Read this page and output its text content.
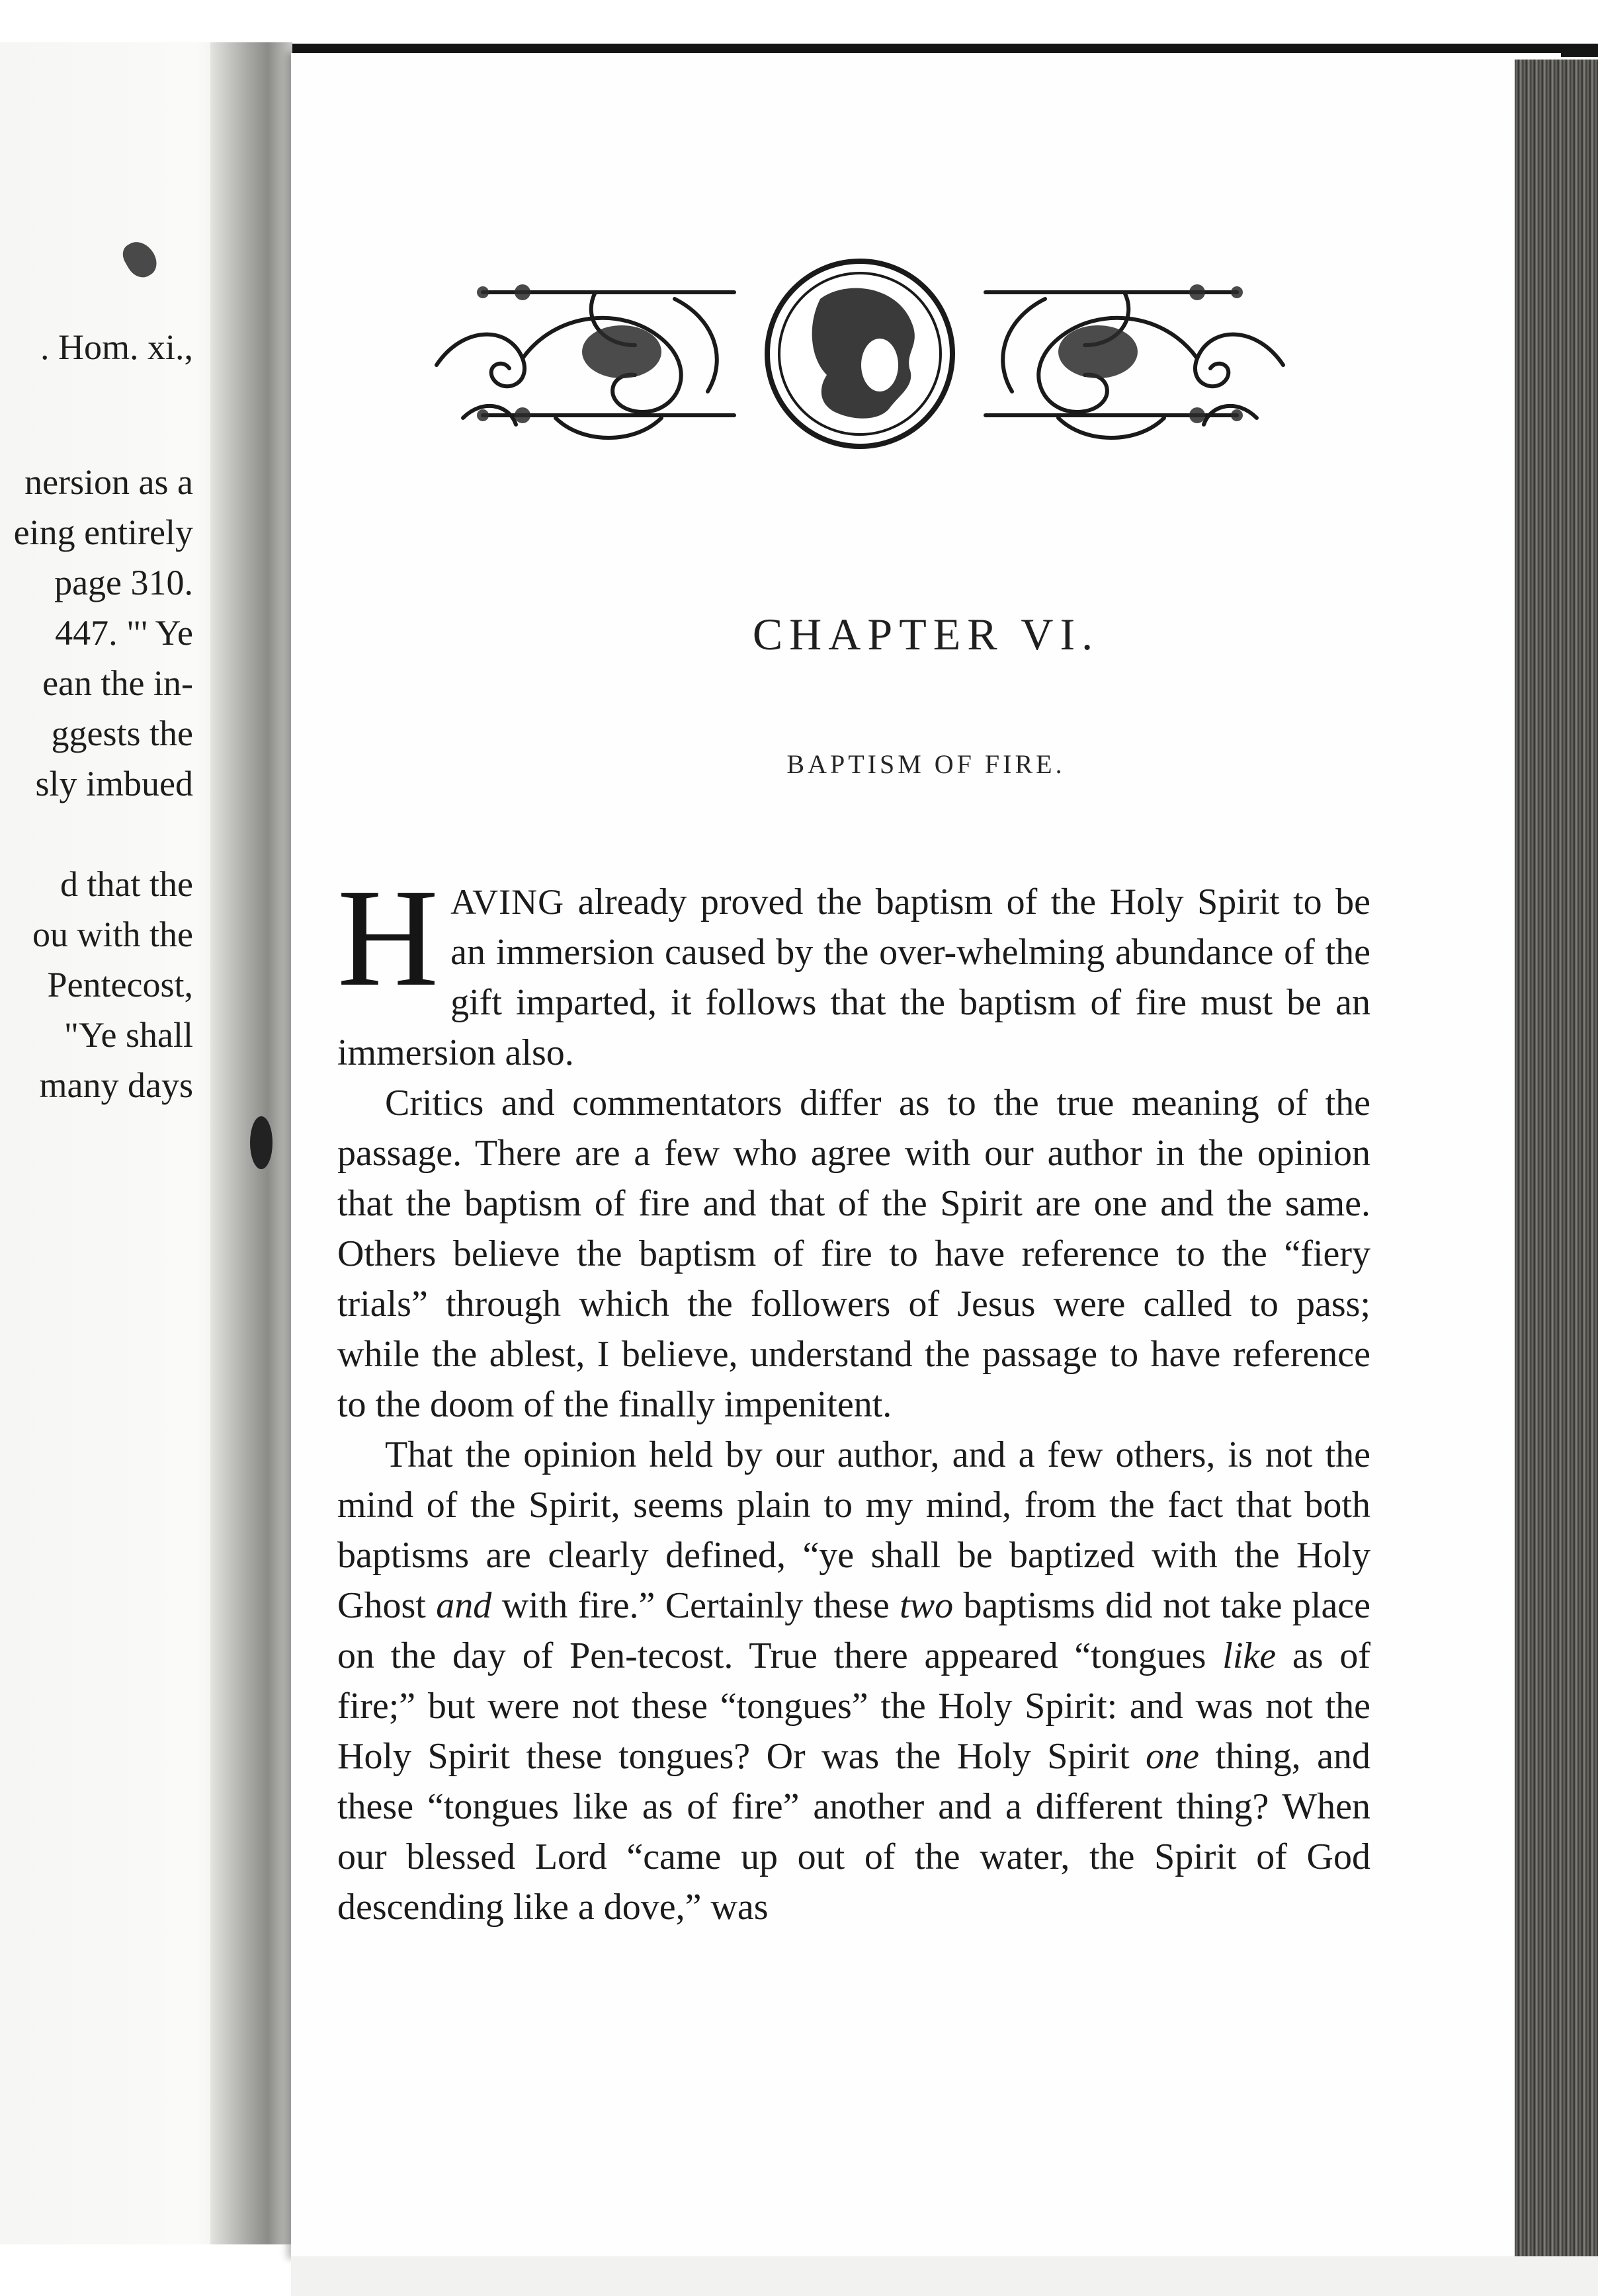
. Hom. xi.,
nersion as a
eing entirely
page 310.
447. "' Ye
ean the in-
ggests the
sly imbued
d that the
ou with the
Pentecost,
"Ye shall
many days
CHAPTER VI.
BAPTISM OF FIRE.

HAVING already proved the baptism of the Holy Spirit to be an immersion caused by the over-whelming abundance of the gift imparted, it follows that the baptism of fire must be an immersion also.

Critics and commentators differ as to the true meaning of the passage. There are a few who agree with our author in the opinion that the baptism of fire and that of the Spirit are one and the same. Others believe the baptism of fire to have reference to the “fiery trials” through which the followers of Jesus were called to pass; while the ablest, I believe, understand the passage to have reference to the doom of the finally impenitent.

That the opinion held by our author, and a few others, is not the mind of the Spirit, seems plain to my mind, from the fact that both baptisms are clearly defined, “ye shall be baptized with the Holy Ghost and with fire.” Certainly these two baptisms did not take place on the day of Pen-tecost. True there appeared “tongues like as of fire;” but were not these “tongues” the Holy Spirit: and was not the Holy Spirit these tongues? Or was the Holy Spirit one thing, and these “tongues like as of fire” another and a different thing? When our blessed Lord “came up out of the water, the Spirit of God descending like a dove,” was
